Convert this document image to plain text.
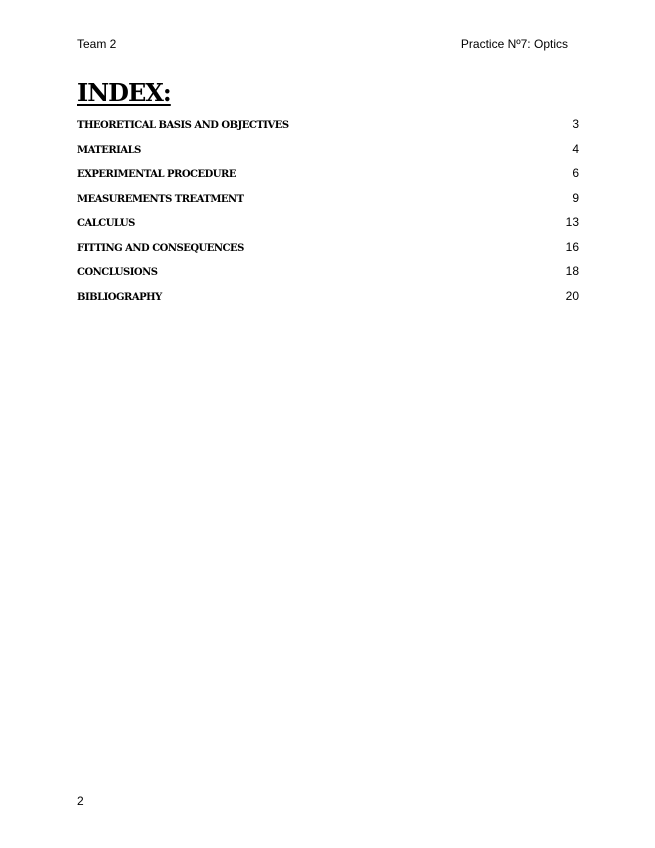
Team 2	Practice Nº7: Optics
INDEX:
THEORETICAL BASIS AND OBJECTIVES	3
MATERIALS	4
EXPERIMENTAL PROCEDURE	6
MEASUREMENTS TREATMENT	9
CALCULUS	13
FITTING AND CONSEQUENCES	16
CONCLUSIONS	18
BIBLIOGRAPHY	20
2
